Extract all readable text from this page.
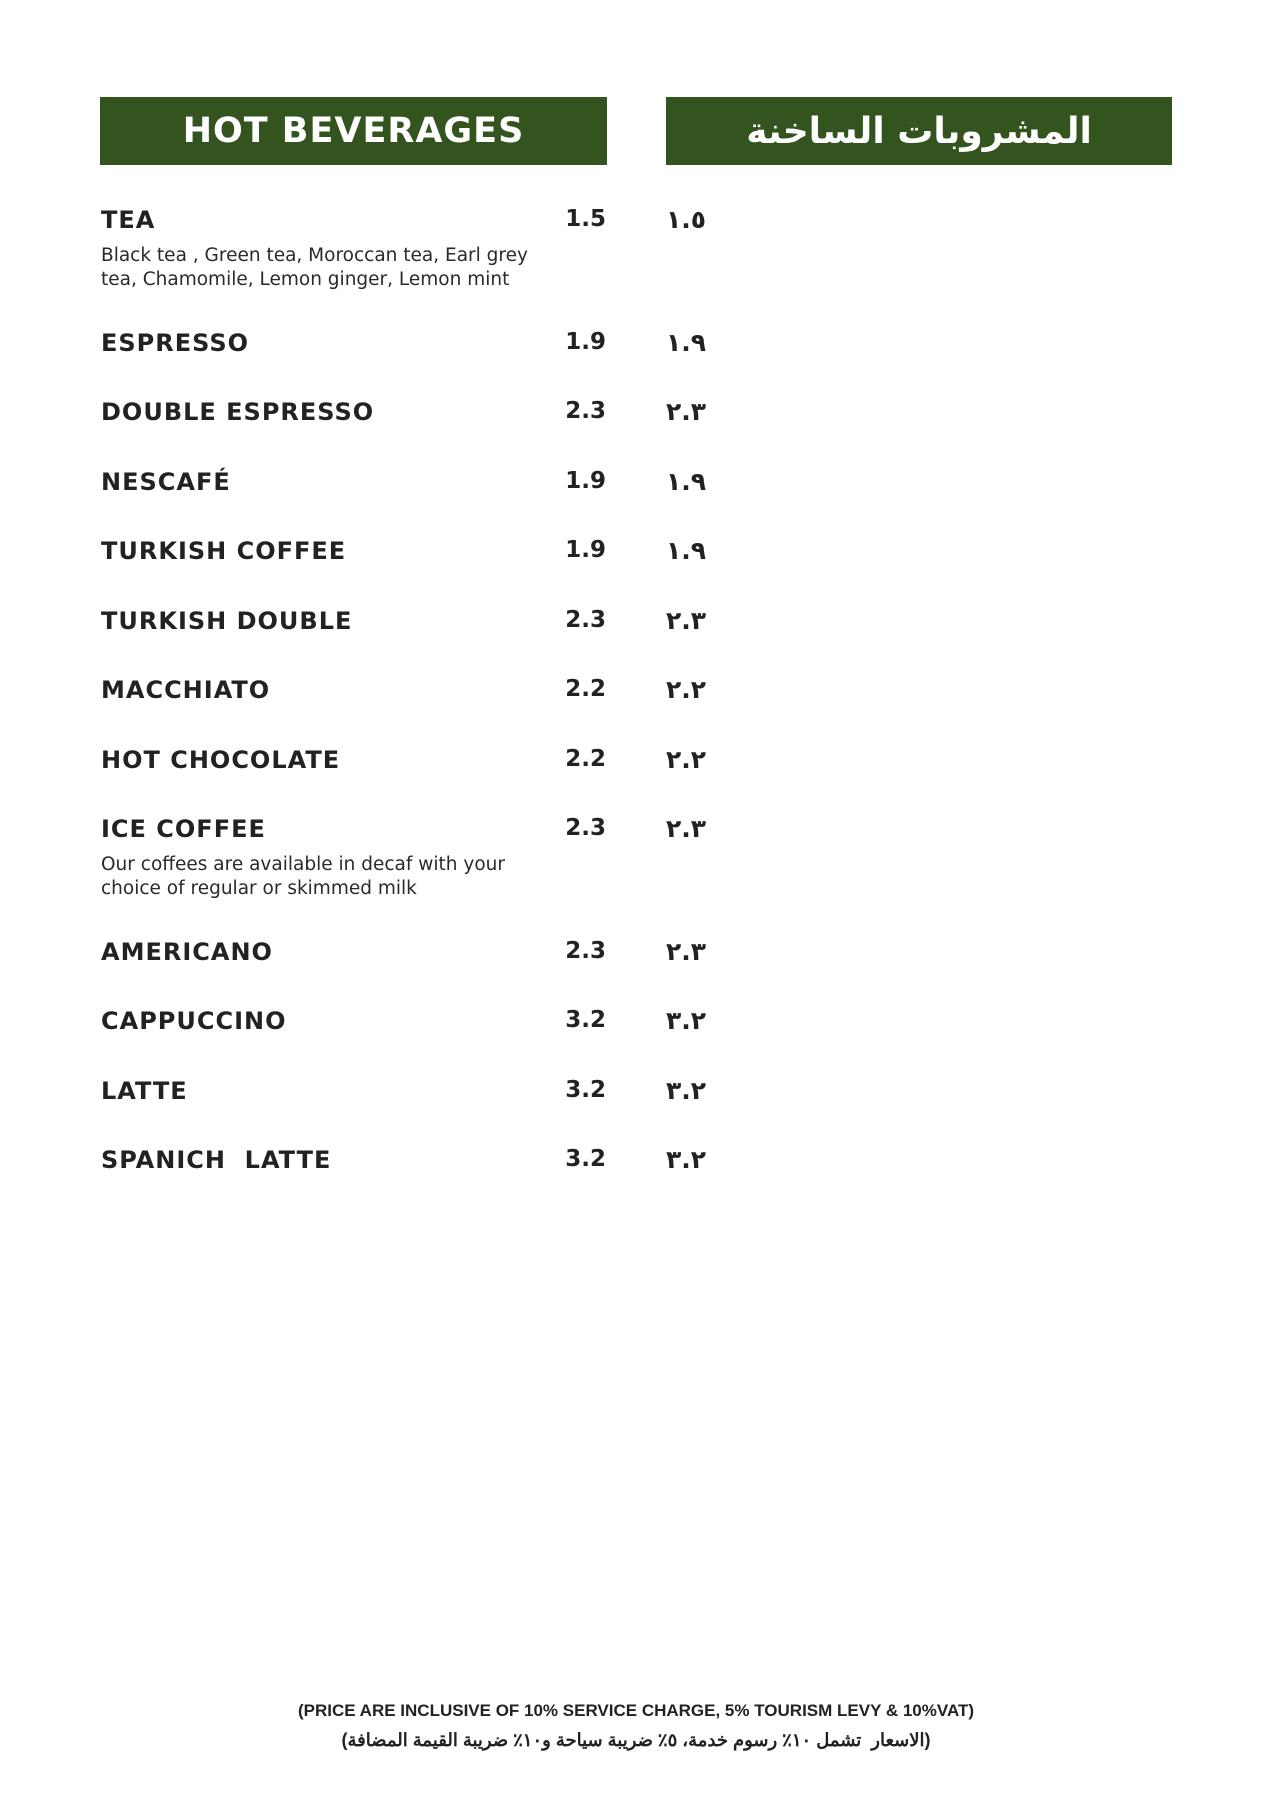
HOT BEVERAGES	المشروبات الساخنة
TEA	1.5 ١.٥
Black tea , Green tea, Moroccan tea, Earl grey tea, Chamomile, Lemon ginger, Lemon mint
ESPRESSO	1.9 ١.٩
DOUBLE ESPRESSO	2.3 ٢.٣
NESCAFÉ	1.9 ١.٩
TURKISH COFFEE	1.9 ١.٩
TURKISH DOUBLE	2.3 ٢.٣
MACCHIATO	2.2 ٢.٢
HOT CHOCOLATE	2.2 ٢.٢
ICE COFFEE	2.3 ٢.٣
Our coffees are available in decaf with your choice of regular or skimmed milk
AMERICANO	2.3 ٢.٣
CAPPUCCINO	3.2 ٣.٢
LATTE	3.2 ٣.٢
SPANICH  LATTE	3.2 ٣.٢
(PRICE ARE INCLUSIVE OF 10% SERVICE CHARGE, 5% TOURISM LEVY & 10%VAT)
(الاسعار  تشمل ١٠٪ رسوم خدمة، ٥٪ ضريبة سياحة و١٠٪ ضريبة القيمة المضافة)
